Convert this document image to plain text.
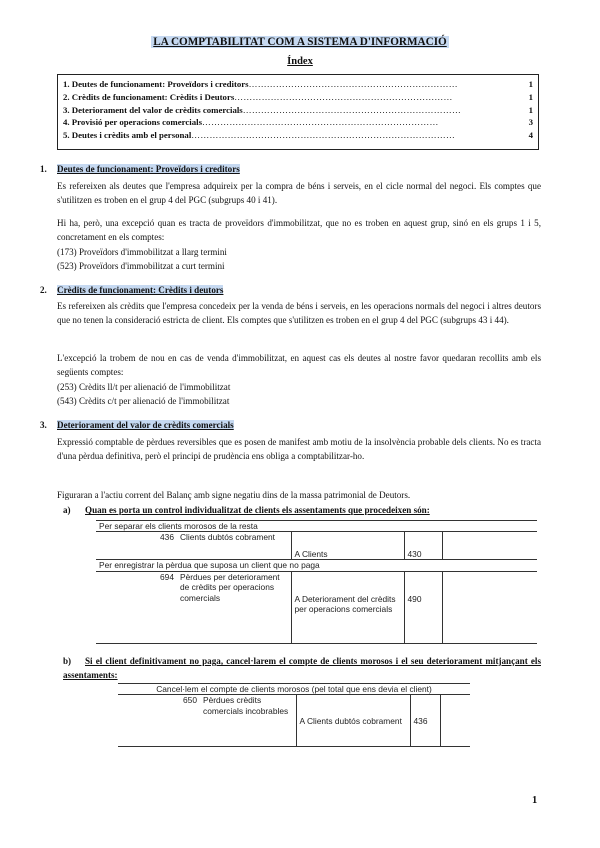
LA COMPTABILITAT COM A SISTEMA D'INFORMACIÓ
Índex
1. Deutes de funcionament: Proveïdors i creditors ……………………………………………………………	1
2. Crèdits de funcionament: Crèdits i Deutors ………………………………………………………………	1
3. Deteriorament del valor de crèdits comercials ………………………………………………………………	1
4. Provisió per operacions comercials ……………………………………………………………………	3
5. Deutes i crèdits amb el personal ……………………………………………………………………………	4
1. Deutes de funcionament: Proveïdors i creditors
Es refereixen als deutes que l'empresa adquireix per la compra de béns i serveis, en el cicle normal del negoci. Els comptes que s'utilitzen es troben en el grup 4 del PGC (subgrups 40 i 41).
Hi ha, però, una excepció quan es tracta de proveïdors d'immobilitzat, que no es troben en aquest grup, sinó en els grups 1 i 5, concretament en els comptes:
(173) Proveïdors d'immobilitzat a llarg termini
(523) Proveïdors d'immobilitzat a curt termini
2. Crèdits de funcionament: Crèdits i deutors
Es refereixen als crèdits que l'empresa concedeix per la venda de béns i serveis, en les operacions normals del negoci i altres deutors que no tenen la consideració estricta de client. Els comptes que s'utilitzen es troben en el grup 4 del PGC (subgrups 43 i 44).
L'excepció la trobem de nou en cas de venda d'immobilitzat, en aquest cas els deutes al nostre favor quedaran recollits amb els següents comptes:
(253) Crèdits ll/t per alienació de l'immobilitzat
(543) Crèdits c/t per alienació de l'immobilitzat
3. Deteriorament del valor de crèdits comercials
Expressió comptable de pèrdues reversibles que es posen de manifest amb motiu de la insolvència probable dels clients. No es tracta d'una pèrdua definitiva, però el principi de prudència ens obliga a comptabilitzar-ho.
Figuraran a l'actiu corrent del Balanç amb signe negatiu dins de la massa patrimonial de Deutors.
a) Quan es porta un control individualitzat de clients els assentaments que procedeixen són:
Per separar els clients morosos de la resta				
436	Clients dubtós cobrament	A Clients	430	
Per enregistrar la pèrdua que suposa un client que no paga				
694	Pèrdues per deteriorament de crèdits per operacions comercials	A Deteriorament del crèdits per operacions comercials	490	
b) Si el client definitivament no paga, cancel·larem el compte de clients morosos i el seu deteriorament mitjançant els assentaments:
Cancel·lem el compte de clients morosos (pel total que ens devia el client)
650	Pèrdues crèdits comercials incobrables	A Clients dubtós cobrament	436	
1
